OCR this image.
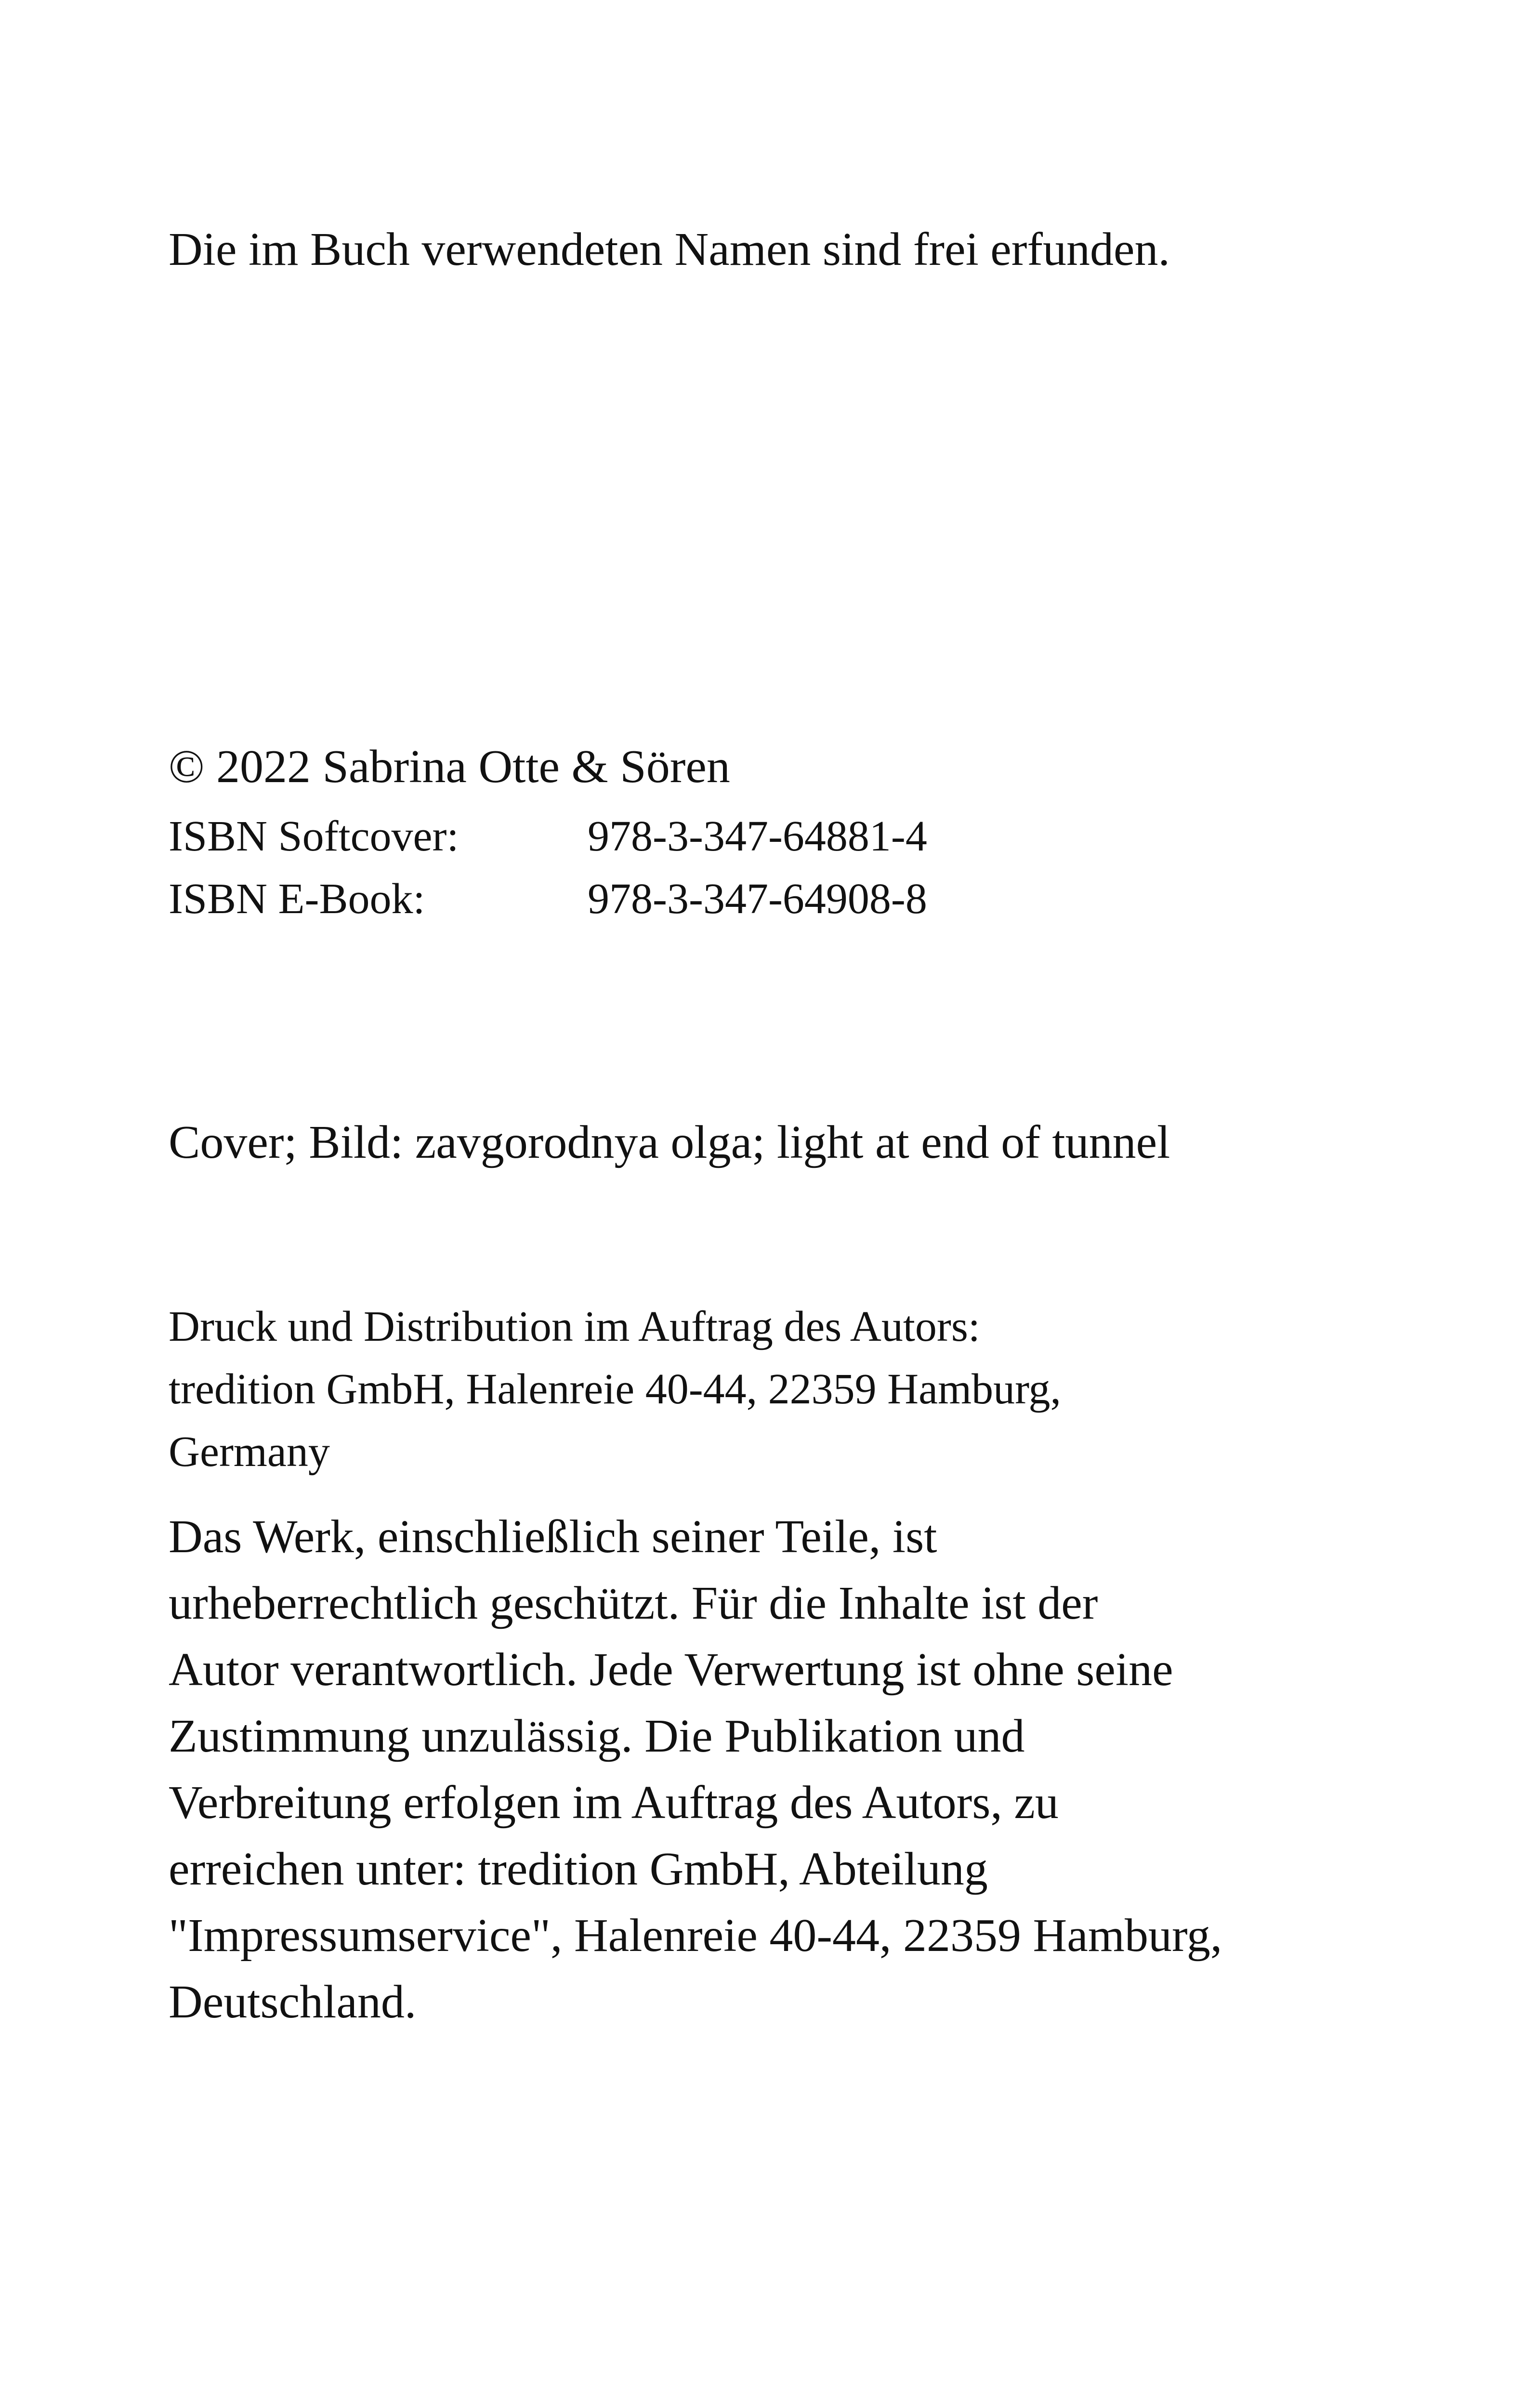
Die im Buch verwendeten Namen sind frei erfunden.

© 2022 Sabrina Otte & Sören

ISBN Softcover:	978-3-347-64881-4
ISBN E-Book:	978-3-347-64908-8

Cover; Bild: zavgorodnya olga; light at end of tunnel

Druck und Distribution im Auftrag des Autors:
tredition GmbH, Halenreie 40-44, 22359 Hamburg,
Germany
Das Werk, einschließlich seiner Teile, ist
urheberrechtlich geschützt. Für die Inhalte ist der
Autor verantwortlich. Jede Verwertung ist ohne seine
Zustimmung unzulässig. Die Publikation und
Verbreitung erfolgen im Auftrag des Autors, zu
erreichen unter: tredition GmbH, Abteilung
"Impressumservice", Halenreie 40-44, 22359 Hamburg,
Deutschland.
